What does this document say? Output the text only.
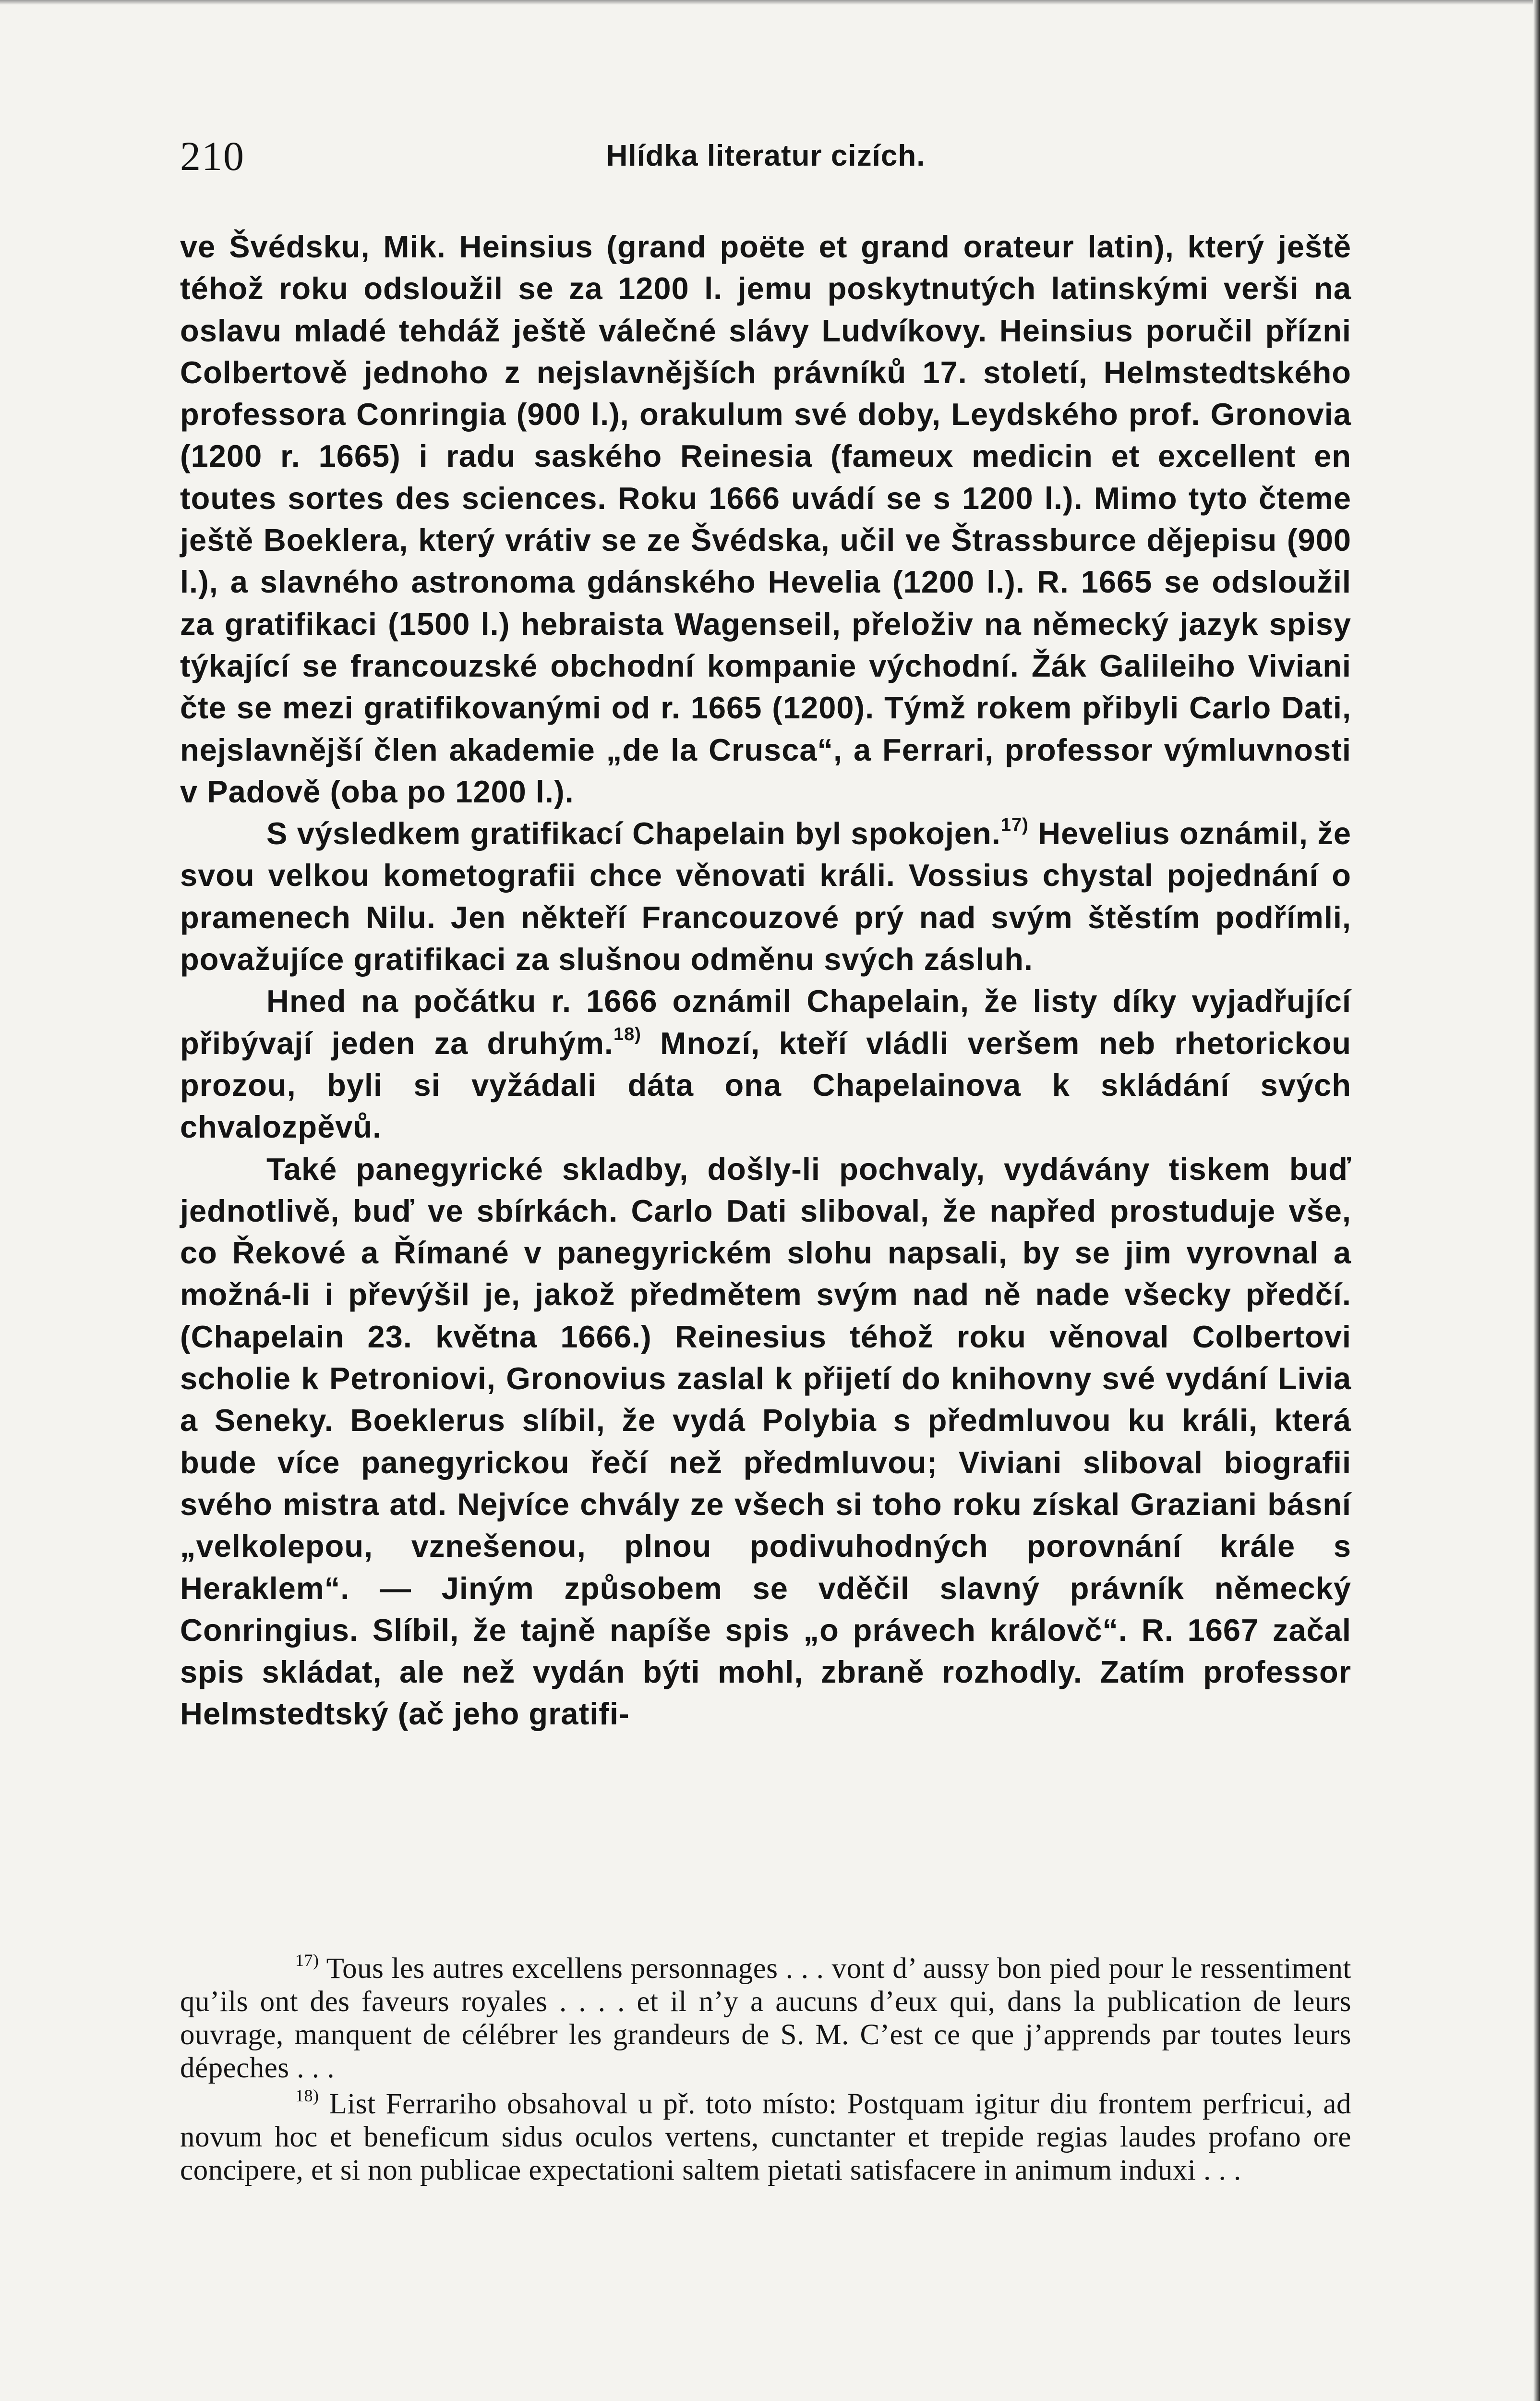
210	Hlídka literatur cizích.

ve Švédsku, Mik. Heinsius (grand poëte et grand orateur latin), který ještě téhož roku odsloužil se za 1200 l. jemu poskytnutých latinskými verši na oslavu mladé tehdáž ještě válečné slávy Ludvíkovy. Heinsius poručil přízni Colbertově jednoho z nejslavnějších právníků 17. století, Helmstedtského professora Conringia (900 l.), orakulum své doby, Leydského prof. Gronovia (1200 r. 1665) i radu saského Reinesia (fameux medicin et excellent en toutes sortes des sciences. Roku 1666 uvádí se s 1200 l.). Mimo tyto čteme ještě Boeklera, který vrátiv se ze Švédska, učil ve Štrassburce dějepisu (900 l.), a slavného astronoma gdánského Hevelia (1200 l.). R. 1665 se odsloužil za gratifikaci (1500 l.) hebraista Wagenseil, přeloživ na německý jazyk spisy týkající se francouzské obchodní kompanie východní. Žák Galileiho Viviani čte se mezi gratifikovanými od r. 1665 (1200). Týmž rokem přibyli Carlo Dati, nejslavnější člen akademie „de la Crusca“, a Ferrari, professor výmluvnosti v Padově (oba po 1200 l.).

S výsledkem gratifikací Chapelain byl spokojen.$^{17)}$ Hevelius oznámil, že svou velkou kometografii chce věnovati králi. Vossius chystal pojednání o pramenech Nilu. Jen někteří Francouzové prý nad svým štěstím podřímli, považujíce gratifikaci za slušnou odměnu svých zásluh.

Hned na počátku r. 1666 oznámil Chapelain, že listy díky vyjadřující přibývají jeden za druhým.$^{18)}$ Mnozí, kteří vládli veršem neb rhetorickou prozou, byli si vyžádali dáta ona Chapelainova k skládání svých chvalozpěvů.

Také panegyrické skladby, došly-li pochvaly, vydávány tiskem buď jednotlivě, buď ve sbírkách. Carlo Dati sliboval, že napřed prostuduje vše, co Řekové a Římané v panegyrickém slohu napsali, by se jim vyrovnal a možná-li i převýšil je, jakož předmětem svým nad ně nade všecky předčí. (Chapelain 23. května 1666.) Reinesius téhož roku věnoval Colbertovi scholie k Petroniovi, Gronovius zaslal k přijetí do knihovny své vydání Livia a Seneky. Boeklerus slíbil, že vydá Polybia s předmluvou ku králi, která bude více panegyrickou řečí než předmluvou; Viviani sliboval biografii svého mistra atd. Nejvíce chvály ze všech si toho roku získal Graziani básní „velkolepou, vznešenou, plnou podivuhodných porovnání krále s Heraklem“. — Jiným způsobem se vděčil slavný právník německý Conringius. Slíbil, že tajně napíše spis „o právech královč“. R. 1667 začal spis skládat, ale než vydán býti mohl, zbraně rozhodly. Zatím professor Helmstedtský (ač jeho gratifi-

$^{17)}$ Tous les autres excellens personnages . . . vont d’ aussy bon pied pour le ressentiment qu’ils ont des faveurs royales . . . . et il n’y a aucuns d’eux qui, dans la publication de leurs ouvrage, manquent de célébrer les grandeurs de S. M. C’est ce que j’apprends par toutes leurs dépeches . . .

$^{18)}$ List Ferrariho obsahoval u př. toto místo: Postquam igitur diu frontem perfricui, ad novum hoc et beneficum sidus oculos vertens, cunctanter et trepide regias laudes profano ore concipere, et si non publicae expectationi saltem pietati satisfacere in animum induxi . . .
